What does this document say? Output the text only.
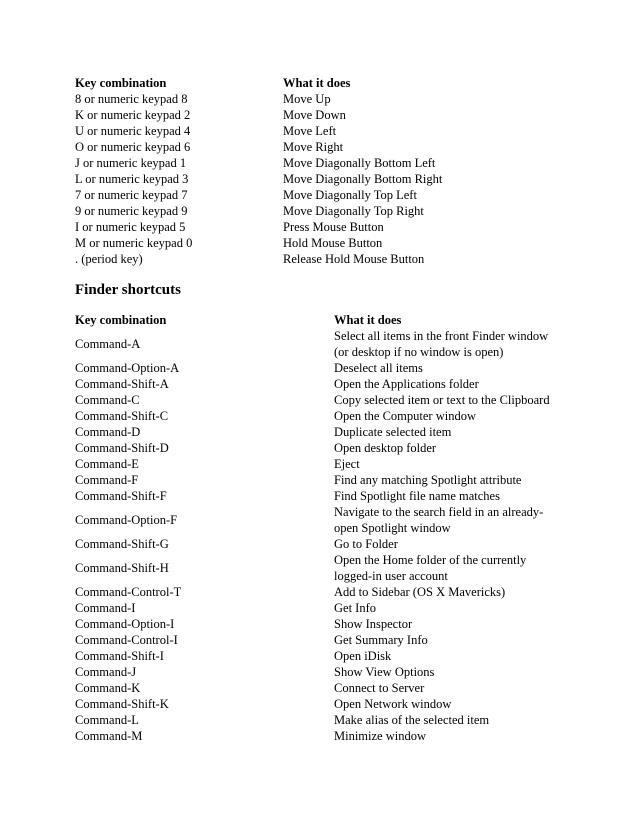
Key combination	What it does
8 or numeric keypad 8	Move Up
K or numeric keypad 2	Move Down
U or numeric keypad 4	Move Left
O or numeric keypad 6	Move Right
J or numeric keypad 1	Move Diagonally Bottom Left
L or numeric keypad 3	Move Diagonally Bottom Right
7 or numeric keypad 7	Move Diagonally Top Left
9 or numeric keypad 9	Move Diagonally Top Right
I or numeric keypad 5	Press Mouse Button
M or numeric keypad 0	Hold Mouse Button
. (period key)	Release Hold Mouse Button
Finder shortcuts
Key combination	What it does
Command-A	Select all items in the front Finder window (or desktop if no window is open)
Command-Option-A	Deselect all items
Command-Shift-A	Open the Applications folder
Command-C	Copy selected item or text to the Clipboard
Command-Shift-C	Open the Computer window
Command-D	Duplicate selected item
Command-Shift-D	Open desktop folder
Command-E	Eject
Command-F	Find any matching Spotlight attribute
Command-Shift-F	Find Spotlight file name matches
Command-Option-F	Navigate to the search field in an already-open Spotlight window
Command-Shift-G	Go to Folder
Command-Shift-H	Open the Home folder of the currently logged-in user account
Command-Control-T	Add to Sidebar (OS X Mavericks)
Command-I	Get Info
Command-Option-I	Show Inspector
Command-Control-I	Get Summary Info
Command-Shift-I	Open iDisk
Command-J	Show View Options
Command-K	Connect to Server
Command-Shift-K	Open Network window
Command-L	Make alias of the selected item
Command-M	Minimize window
